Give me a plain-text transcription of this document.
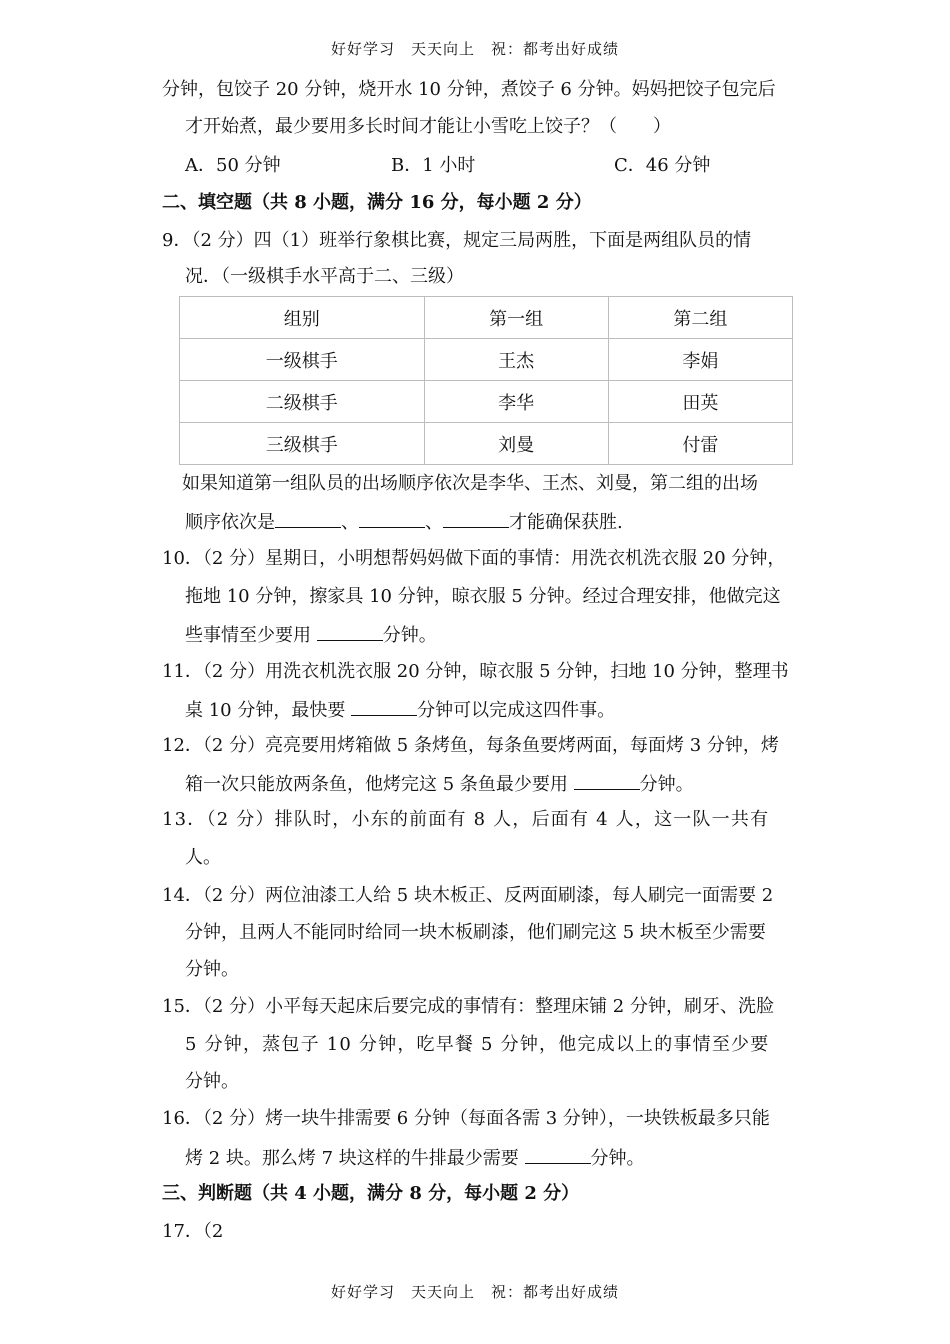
好好学习　天天向上　祝：都考出好成绩
分钟，包饺子 20 分钟，烧开水 10 分钟，煮饺子 6 分钟。妈妈把饺子包完后
才开始煮，最少要用多长时间才能让小雪吃上饺子？（　　）
A．50 分钟	B．1 小时	C．46 分钟
二、填空题（共 8 小题，满分 16 分，每小题 2 分）
9．（2 分）四（1）班举行象棋比赛，规定三局两胜，下面是两组队员的情
况．（一级棋手水平高于二、三级）
组别	第一组	第二组
一级棋手	王杰	李娟
二级棋手	李华	田英
三级棋手	刘曼	付雷
如果知道第一组队员的出场顺序依次是李华、王杰、刘曼，第二组的出场
顺序依次是	、	、	才能确保获胜.
10．（2 分）星期日，小明想帮妈妈做下面的事情：用洗衣机洗衣服 20 分钟，
拖地 10 分钟，擦家具 10 分钟，晾衣服 5 分钟。经过合理安排，他做完这
些事情至少要用	分钟。
11．（2 分）用洗衣机洗衣服 20 分钟，晾衣服 5 分钟，扫地 10 分钟，整理书
桌 10 分钟，最快要	分钟可以完成这四件事。
12．（2 分）亮亮要用烤箱做 5 条烤鱼，每条鱼要烤两面，每面烤 3 分钟，烤
箱一次只能放两条鱼，他烤完这 5 条鱼最少要用	分钟。
13．（2 分）排队时，小东的前面有 8 人，后面有 4 人，这一队一共有
人。
14．（2 分）两位油漆工人给 5 块木板正、反两面刷漆，每人刷完一面需要 2
分钟，且两人不能同时给同一块木板刷漆，他们刷完这 5 块木板至少需要
分钟。
15．（2 分）小平每天起床后要完成的事情有：整理床铺 2 分钟，刷牙、洗脸
5 分钟，蒸包子 10 分钟，吃早餐 5 分钟，他完成以上的事情至少要
分钟。
16．（2 分）烤一块牛排需要 6 分钟（每面各需 3 分钟），一块铁板最多只能
烤 2 块。那么烤 7 块这样的牛排最少需要	分钟。
三、判断题（共 4 小题，满分 8 分，每小题 2 分）
17．（2
好好学习　天天向上　祝：都考出好成绩
